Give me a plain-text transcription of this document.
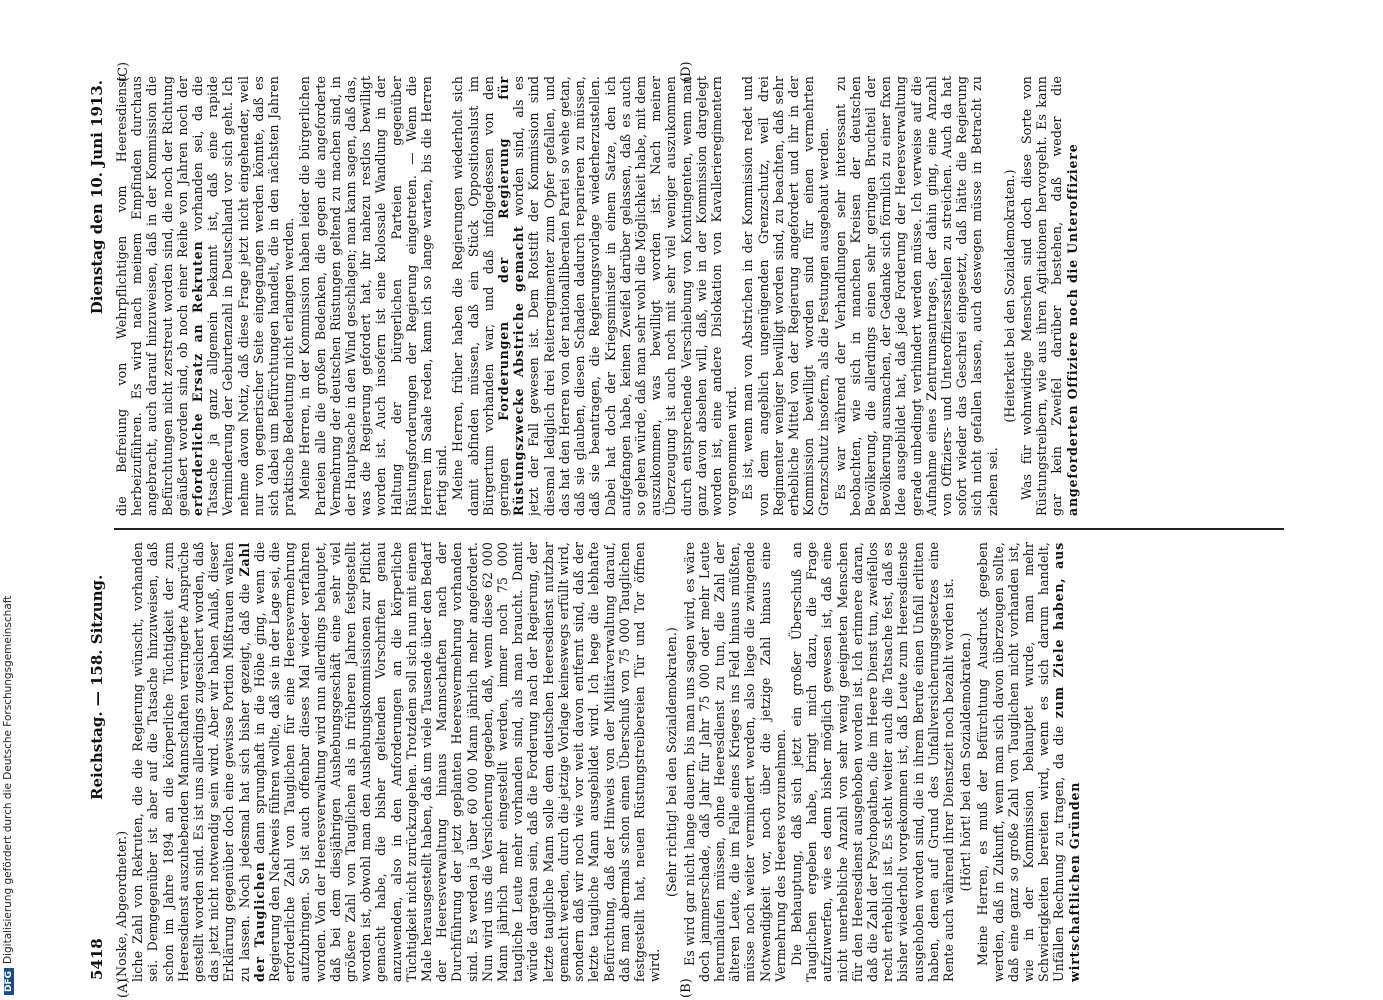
DFGDigitalisierung gefördert durch die Deutsche Forschungsgemeinschaft	5418
Reichstag. — 158. Sitzung.
Dienstag den 10. Juni 1913.
(A)	(B)
(C)	(D)

(Noske, Abgeordneter.) liche Zahl von Rekruten, die die Regierung wünscht, vorhanden sei. Demgegenüber ist aber auf die Tatsache hinzuweisen, daß schon im Jahre 1894 an die körperliche Tüchtigkeit der zum Heeresdienst auszuhebenden Mannschaften verringerte Ansprüche gestellt worden sind. Es ist uns allerdings zugesichert worden, daß das jetzt nicht notwendig sein wird. Aber wir haben Anlaß, dieser Erklärung gegenüber doch eine gewisse Portion Mißtrauen walten zu lassen. Noch jedesmal hat sich bisher gezeigt, daß die Zahl der Tauglichen dann sprunghaft in die Höhe ging, wenn die Regierung den Nachweis führen wollte, daß sie in der Lage sei, die erforderliche Zahl von Tauglichen für eine Heeresvermehrung aufzubringen. So ist auch offenbar dieses Mal wieder verfahren worden. Von der Heeresverwaltung wird nun allerdings behauptet, daß bei dem diesjährigen Aushebungsgeschäft eine sehr viel größere Zahl von Tauglichen als in früheren Jahren festgestellt worden ist, obwohl man den Aushebungskommissionen zur Pflicht gemacht habe, die bisher geltenden Vorschriften genau anzuwenden, also in den Anforderungen an die körperliche Tüchtigkeit nicht zurückzugehen. Trotzdem soll sich nun mit einem Male herausgestellt haben, daß um viele Tausende über den Bedarf der Heeresverwaltung hinaus Mannschaften nach der Durchführung der jetzt geplanten Heeresvermehrung vorhanden sind. Es werden ja über 60 000 Mann jährlich mehr angefordert. Nun wird uns die Versicherung gegeben, daß, wenn diese 62 000 Mann jährlich mehr eingestellt werden, immer noch 75 000 taugliche Leute mehr vorhanden sind, als man braucht. Damit würde dargetan sein, daß die Forderung nach der Regierung, der letzte taugliche Mann solle dem deutschen Heeresdienst nutzbar gemacht werden, durch die jetzige Vorlage keineswegs erfüllt wird, sondern daß wir noch wie vor weit davon entfernt sind, daß der letzte taugliche Mann ausgebildet wird. Ich hege die lebhafte Befürchtung, daß der Hinweis von der Militärverwaltung darauf, daß man abermals schon einen Überschuß von 75 000 Tauglichen festgestellt hat, neuen Rüstungstreibereien Tür und Tor öffnen wird.

(Sehr richtig! bei den Sozialdemokraten.) Es wird gar nicht lange dauern, bis man uns sagen wird, es wäre doch jammerschade, daß Jahr für Jahr 75 000 oder mehr Leute herumlaufen müssen, ohne Heeresdienst zu tun, die Zahl der älteren Leute, die im Falle eines Krieges ins Feld hinaus müßten, müsse noch weiter vermindert werden, also liege die zwingende Notwendigkeit vor, noch über die jetzige Zahl hinaus eine Vermehrung des Heeres vorzunehmen. Die Behauptung, daß sich jetzt ein großer Überschuß an Tauglichen ergeben habe, bringt mich dazu, die Frage aufzuwerfen, wie es denn bisher möglich gewesen ist, daß eine nicht unerhebliche Anzahl von sehr wenig geeigneten Menschen für den Heeresdienst ausgehoben worden ist. Ich erinnere daran, daß die Zahl der Psychopathen, die im Heere Dienst tun, zweifellos recht erheblich ist. Es steht weiter auch die Tatsache fest, daß es bisher wiederholt vorgekommen ist, daß Leute zum Heeresdienste ausgehoben worden sind, die in ihrem Berufe einen Unfall erlitten haben, denen auf Grund des Unfallversicherungsgesetzes eine Rente auch während ihrer Dienstzeit noch bezahlt worden ist. (Hört! hört! bei den Sozialdemokraten.) Meine Herren, es muß der Befürchtung Ausdruck gegeben werden, daß in Zukunft, wenn man sich davon überzeugen sollte, daß eine ganz so große Zahl von Tauglichen nicht vorhanden ist, wie in der Kommission behauptet wurde, man mehr Schwierigkeiten bereiten wird, wenn es sich darum handelt, Unfällen Rechnung zu tragen, da die zum Ziele haben, aus wirtschaftlichen Gründen

die Befreiung von Wehrpflichtigen vom Heeresdienst herbeizuführen. Es wird nach meinem Empfinden durchaus angebracht, auch darauf hinzuweisen, daß in der Kommission die Befürchtungen nicht zerstreut worden sind, die noch der Richtung geäußert worden sind, ob noch einer Reihe von Jahren noch der erforderliche Ersatz an Rekruten vorhanden sei, da die Tatsache ja ganz allgemein bekannt ist, daß eine rapide Verminderung der Geburtenzahl in Deutschland vor sich geht. Ich nehme davon Notiz, daß diese Frage jetzt nicht eingehender, weil nur von gegnerischer Seite eingegangen werden könnte, daß es sich dabei um Befürchtungen handelt, die in den nächsten Jahren praktische Bedeutung nicht erlangen werden. Meine Herren, in der Kommission haben leider die bürgerlichen Parteien alle die großen Bedenken, die gegen die angeforderte Vermehrung der deutschen Rüstungen geltend zu machen sind, in der Hauptsache in den Wind geschlagen; man kann sagen, daß das, was die Regierung gefordert hat, ihr nahezu restlos bewilligt worden ist. Auch insofern ist eine kolossale Wandlung in der Haltung der bürgerlichen Parteien gegenüber Rüstungsforderungen der Regierung eingetreten. — Wenn die Herren im Saale reden, kann ich so lange warten, bis die Herren fertig sind. Meine Herren, früher haben die Regierungen wiederholt sich damit abfinden müssen, daß ein Stück Oppositionslust im Bürgertum vorhanden war, und daß infolgedessen von den geringen Forderungen der Regierung für Rüstungszwecke Abstriche gemacht worden sind, als es jetzt der Fall gewesen ist. Dem Rotstift der Kommission sind diesmal lediglich drei Reiterregimenter zum Opfer gefallen, und das hat den Herren von der nationalliberalen Partei so wehe getan, daß sie glauben, diesen Schaden dadurch reparieren zu müssen, daß sie beantragen, die Regierungsvorlage wiederherzustellen. Dabei hat doch der Kriegsminister in einem Satze, den ich aufgefangen habe, keinen Zweifel darüber gelassen, daß es auch so gehen würde, daß man sehr wohl die Möglichkeit habe, mit dem auszukommen, was bewilligt worden ist. Nach meiner Überzeugung ist auch noch mit sehr viel weniger auszukommen durch entsprechende Verschiebung von Kontingenten, wenn man ganz davon absehen will, daß, wie in der Kommission dargelegt worden ist, eine andere Dislokation von Kavallerieregimentern vorgenommen wird. Es ist, wenn man von Abstrichen in der Kommission redet und von dem angeblich ungenügenden Grenzschutz, weil drei Regimenter weniger bewilligt worden sind, zu beachten, daß sehr erhebliche Mittel von der Regierung angefordert und ihr in der Kommission bewilligt worden sind für einen vermehrten Grenzschutz insofern, als die Festungen ausgebaut werden. Es war während der Verhandlungen sehr interessant zu beobachten, wie sich in manchen Kreisen der deutschen Bevölkerung, die allerdings einen sehr geringen Bruchteil der Bevölkerung ausmachen, der Gedanke sich förmlich zu einer fixen Idee ausgebildet hat, daß jede Forderung der Heeresverwaltung gerade unbedingt verhindert werden müsse. Ich verweise auf die Aufnahme eines Zentrumsantrages, der dahin ging, eine Anzahl von Offiziers- und Unteroffiziersstellen zu streichen. Auch da hat sofort wieder das Geschrei eingesetzt, daß hätte die Regierung sich nicht gefallen lassen, auch deswegen müsse in Betracht zu ziehen sei.

(Heiterkeit bei den Sozialdemokraten.) Was für wohnwidrige Menschen sind doch diese Sorte von Rüstungstreibern, wie aus ihren Agitationen hervorgeht. Es kann gar kein Zweifel darüber bestehen, daß weder die angeforderten Offiziere noch die Unteroffiziere
